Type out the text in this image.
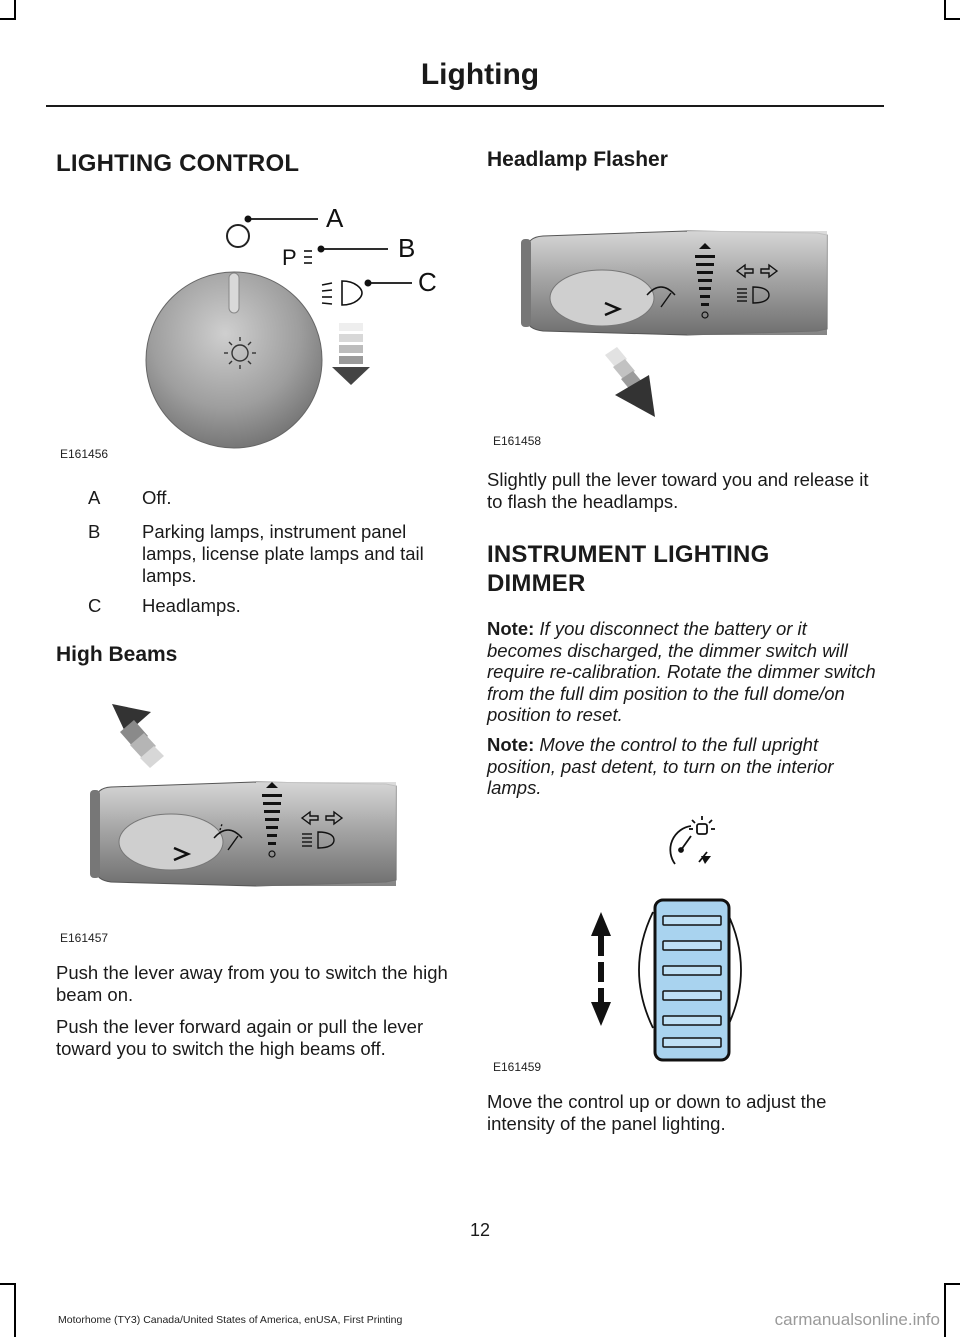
Lighting
LIGHTING CONTROL
A
P	B
C
E161456
A Off.
B Parking lamps, instrument panel lamps, license plate lamps and tail lamps.
C Headlamps.
High Beams
E161457

Push the lever away from you to switch the high beam on.

Push the lever forward again or pull the lever toward you to switch the high beams off.

Headlamp Flasher
E161458

Slightly pull the lever toward you and release it to flash the headlamps.

INSTRUMENT LIGHTING
DIMMER

Note: If you disconnect the battery or it becomes discharged, the dimmer switch will require re-calibration. Rotate the dimmer switch from the full dim position to the full dome/on position to reset.

Note: Move the control to the full upright position, past detent, to turn on the interior lamps.

E161459

Move the control up or down to adjust the intensity of the panel lighting.

12
Motorhome (TY3) Canada/United States of America, enUSA, First Printing	carmanualsonline.info
